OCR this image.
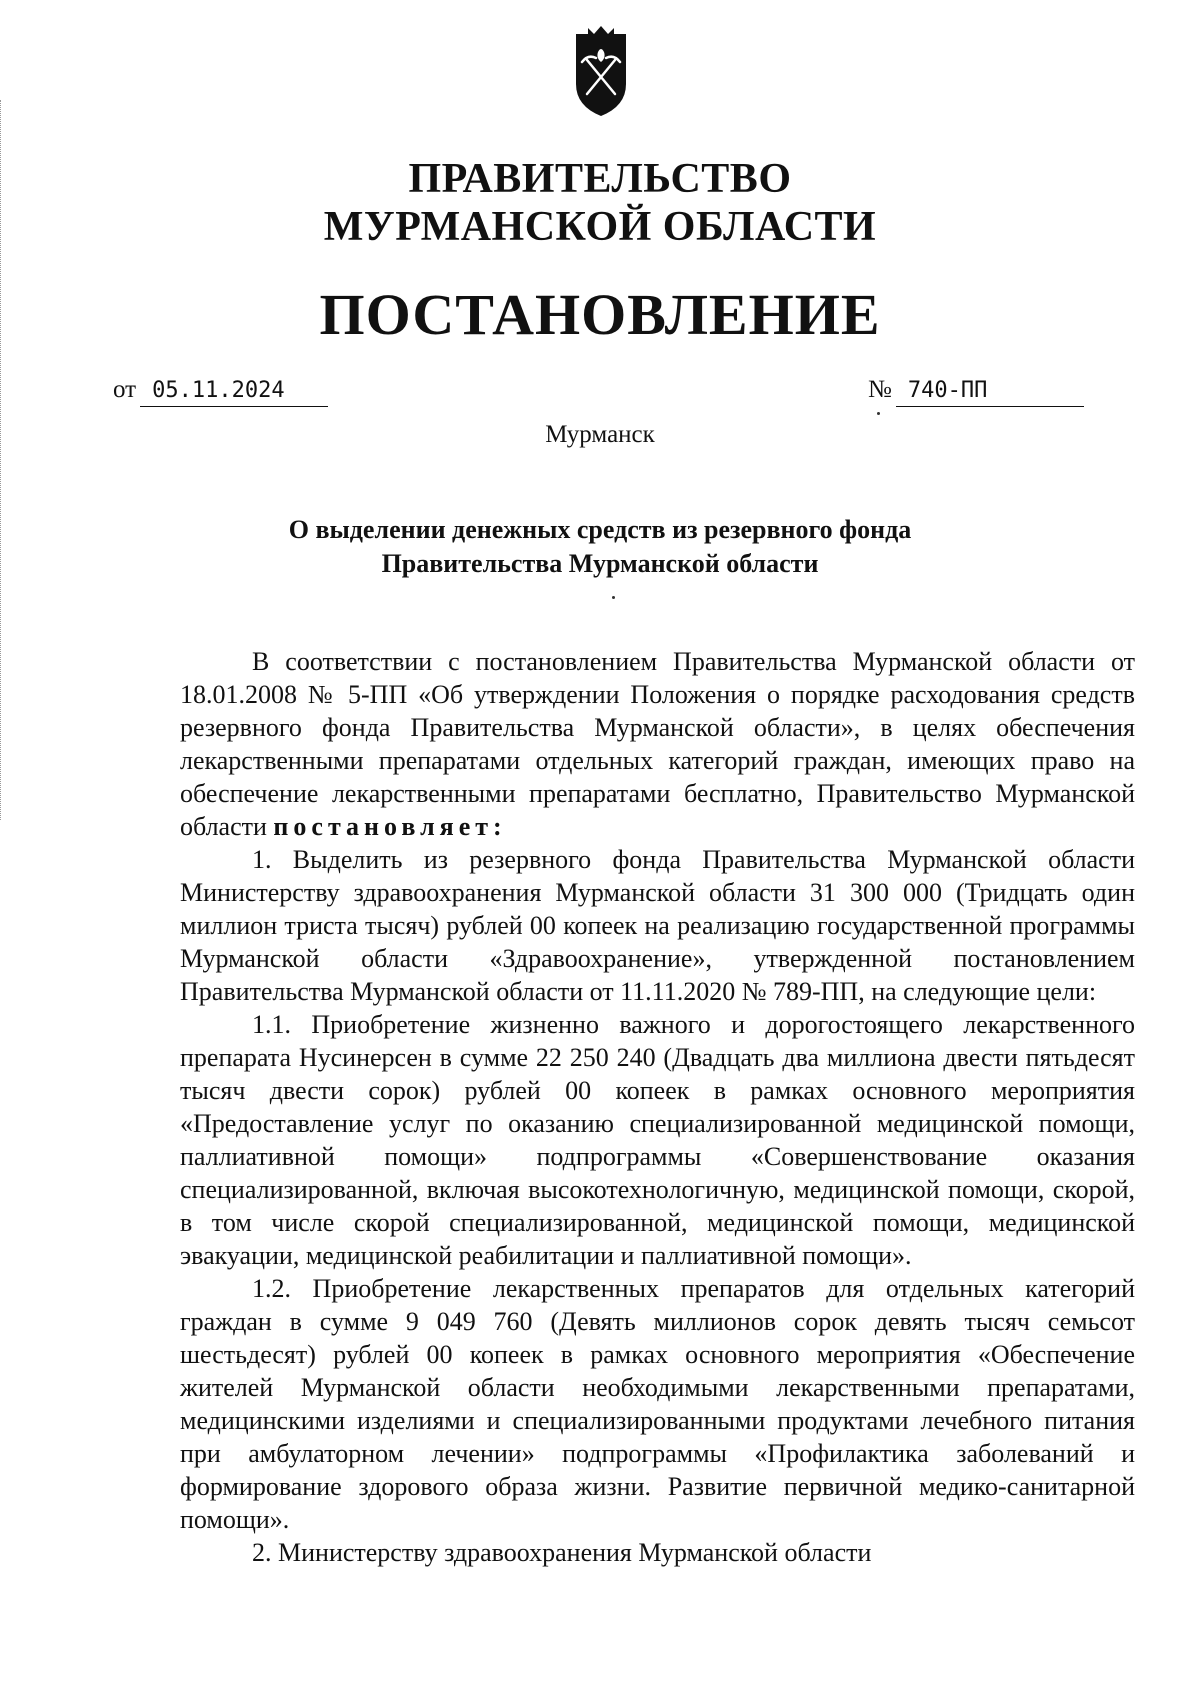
ПРАВИТЕЛЬСТВО
МУРМАНСКОЙ ОБЛАСТИ
ПОСТАНОВЛЕНИЕ
от 05.11.2024	№ 740-ПП
Мурманск
О выделении денежных средств из резервного фонда
Правительства Мурманской области

В соответствии с постановлением Правительства Мурманской области от 18.01.2008 № 5-ПП «Об утверждении Положения о порядке расходования средств резервного фонда Правительства Мурманской области», в целях обеспечения лекарственными препаратами отдельных категорий граждан, имеющих право на обеспечение лекарственными препаратами бесплатно, Правительство Мурманской области постановляет:

1. Выделить из резервного фонда Правительства Мурманской области Министерству здравоохранения Мурманской области 31 300 000 (Тридцать один миллион триста тысяч) рублей 00 копеек на реализацию государственной программы Мурманской области «Здравоохранение», утвержденной постановлением Правительства Мурманской области от 11.11.2020 № 789-ПП, на следующие цели:

1.1. Приобретение жизненно важного и дорогостоящего лекарственного препарата Нусинерсен в сумме 22 250 240 (Двадцать два миллиона двести пятьдесят тысяч двести сорок) рублей 00 копеек в рамках основного мероприятия «Предоставление услуг по оказанию специализированной медицинской помощи, паллиативной помощи» подпрограммы «Совершенствование оказания специализированной, включая высокотехнологичную, медицинской помощи, скорой, в том числе скорой специализированной, медицинской помощи, медицинской эвакуации, медицинской реабилитации и паллиативной помощи».

1.2. Приобретение лекарственных препаратов для отдельных категорий граждан в сумме 9 049 760 (Девять миллионов сорок девять тысяч семьсот шестьдесят) рублей 00 копеек в рамках основного мероприятия «Обеспечение жителей Мурманской области необходимыми лекарственными препаратами, медицинскими изделиями и специализированными продуктами лечебного питания при амбулаторном лечении» подпрограммы «Профилактика заболеваний и формирование здорового образа жизни. Развитие первичной медико-санитарной помощи».

2. Министерству здравоохранения Мурманской области
